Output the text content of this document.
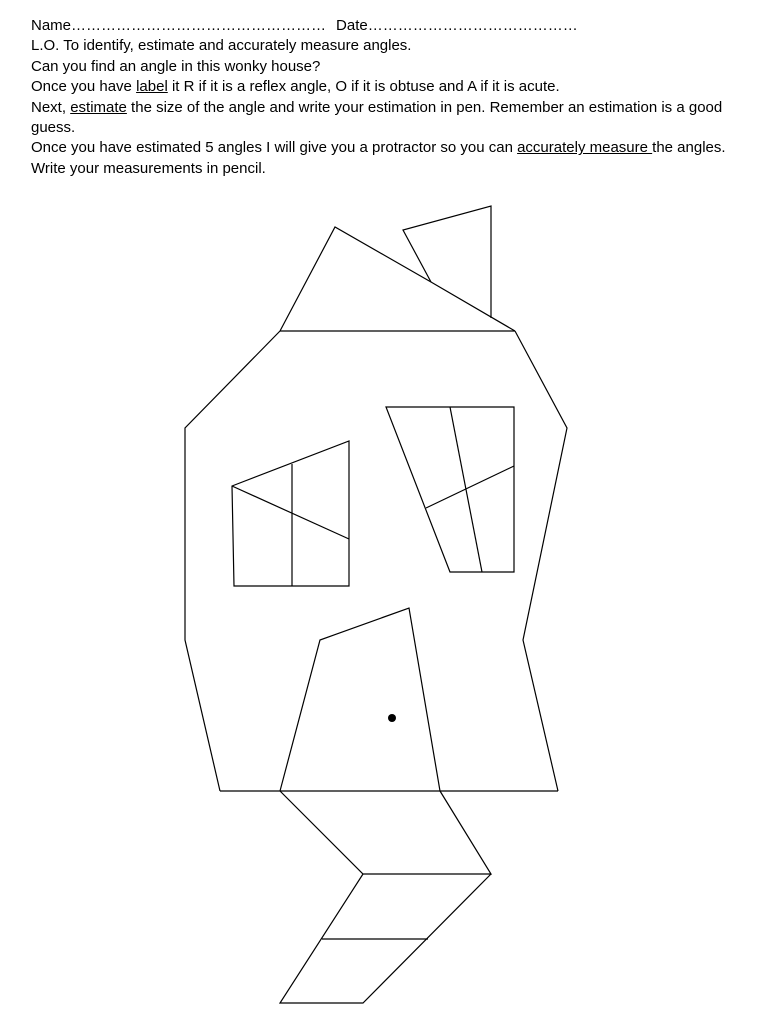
Name…………………………………………… Date……………………………………
L.O. To identify, estimate and accurately measure angles.
Can you find an angle in this wonky house?
Once you have label it R if it is a reflex angle, O if it is obtuse and A if it is acute.
Next, estimate the size of the angle and write your estimation in pen. Remember an estimation is a good guess.
Once you have estimated 5 angles I will give you a protractor so you can accurately measure the angles. Write your measurements in pencil.
